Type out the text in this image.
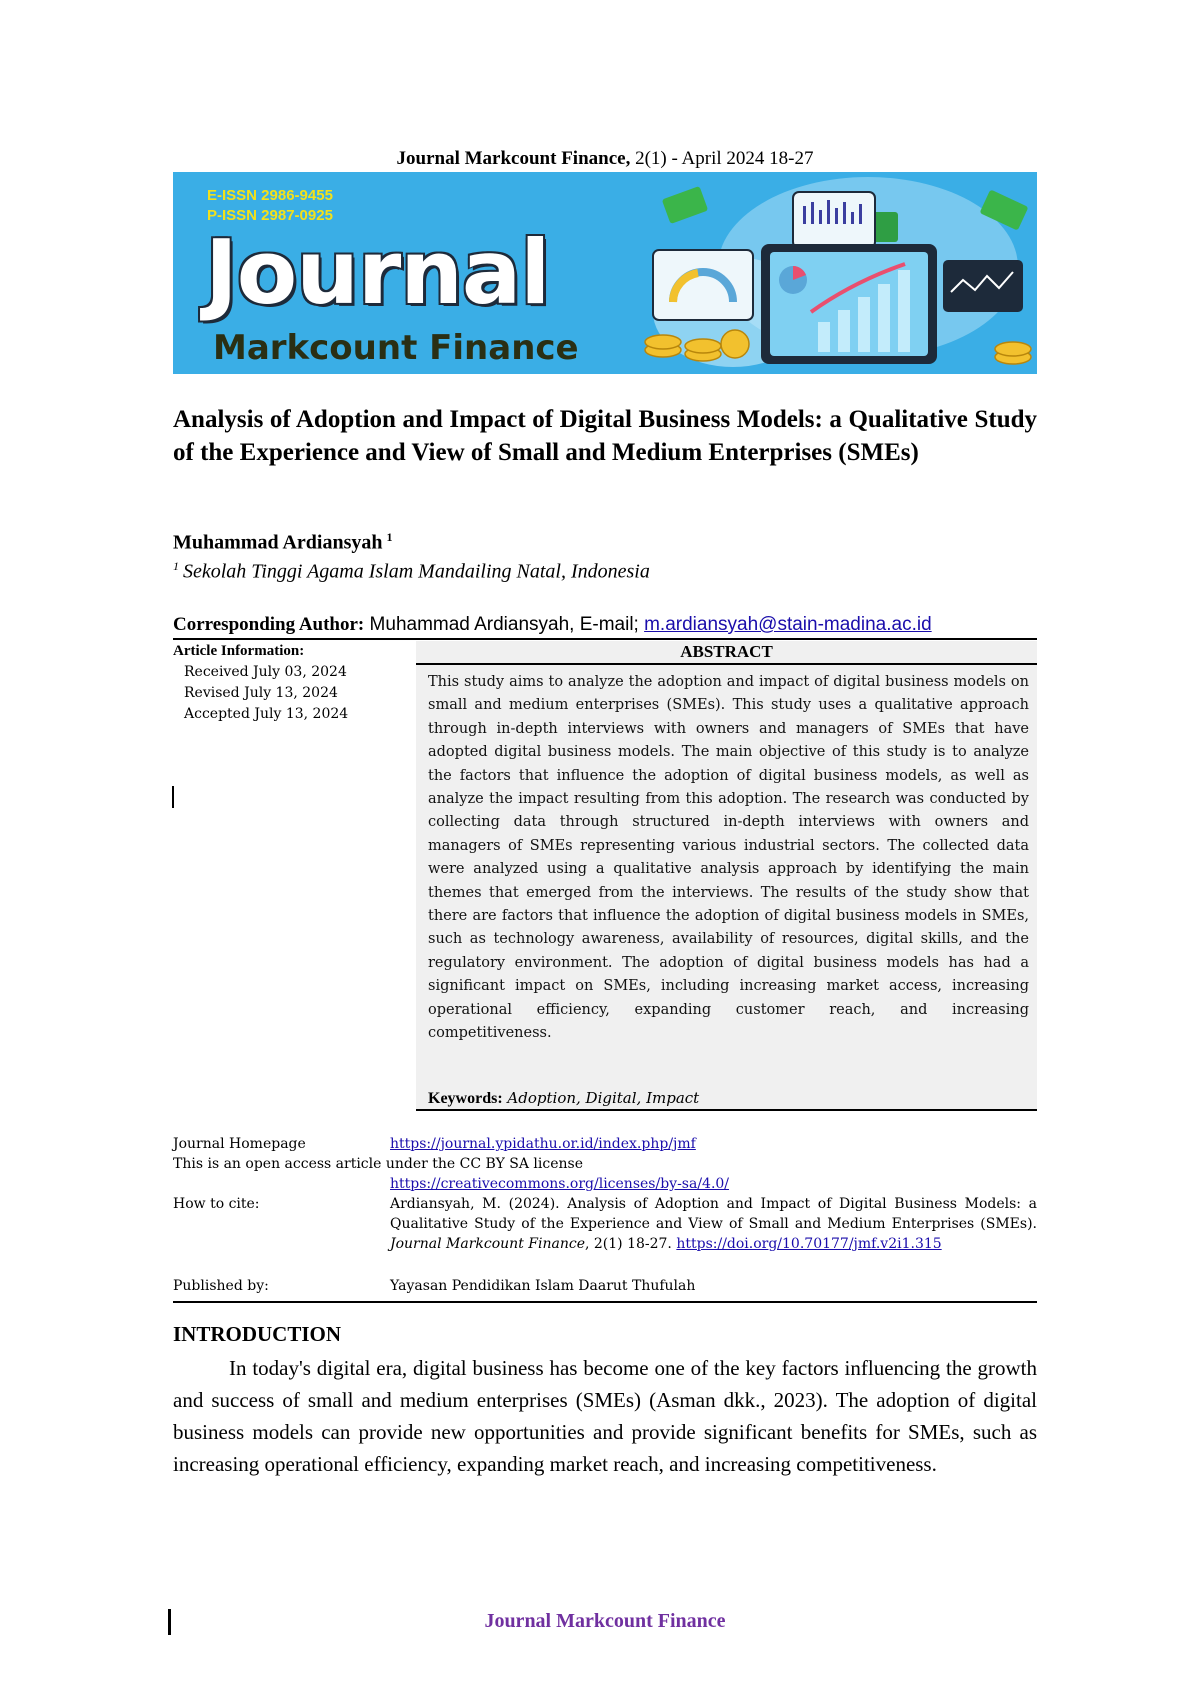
Journal Markcount Finance, 2(1) - April 2024 18-27
E-ISSN 2986-9455
P-ISSN 2987-0925
Journal
Markcount Finance
Analysis of Adoption and Impact of Digital Business Models: a Qualitative Study of the Experience and View of Small and Medium Enterprises (SMEs)
Muhammad Ardiansyah $^1$
$^1$ Sekolah Tinggi Agama Islam Mandailing Natal, Indonesia
Corresponding Author: Muhammad Ardiansyah, E-mail; m.ardiansyah@stain-madina.ac.id
Article Information:
Received July 03, 2024
Revised July 13, 2024
Accepted July 13, 2024
ABSTRACT
This study aims to analyze the adoption and impact of digital business models on small and medium enterprises (SMEs). This study uses a qualitative approach through in-depth interviews with owners and managers of SMEs that have adopted digital business models. The main objective of this study is to analyze the factors that influence the adoption of digital business models, as well as analyze the impact resulting from this adoption. The research was conducted by collecting data through structured in-depth interviews with owners and managers of SMEs representing various industrial sectors. The collected data were analyzed using a qualitative analysis approach by identifying the main themes that emerged from the interviews. The results of the study show that there are factors that influence the adoption of digital business models in SMEs, such as technology awareness, availability of resources, digital skills, and the regulatory environment. The adoption of digital business models has had a significant impact on SMEs, including increasing market access, increasing operational efficiency, expanding customer reach, and increasing competitiveness.
Keywords: Adoption, Digital, Impact
Journal Homepage	https://journal.ypidathu.or.id/index.php/jmf
This is an open access article under the CC BY SA license
https://creativecommons.org/licenses/by-sa/4.0/
How to cite:	Ardiansyah, M. (2024). Analysis of Adoption and Impact of Digital Business Models: a Qualitative Study of the Experience and View of Small and Medium Enterprises (SMEs). Journal Markcount Finance, 2(1) 18-27. https://doi.org/10.70177/jmf.v2i1.315
Published by:	Yayasan Pendidikan Islam Daarut Thufulah
INTRODUCTION

In today's digital era, digital business has become one of the key factors influencing the growth and success of small and medium enterprises (SMEs) (Asman dkk., 2023). The adoption of digital business models can provide new opportunities and provide significant benefits for SMEs, such as increasing operational efficiency, expanding market reach, and increasing competitiveness.

Journal Markcount Finance
